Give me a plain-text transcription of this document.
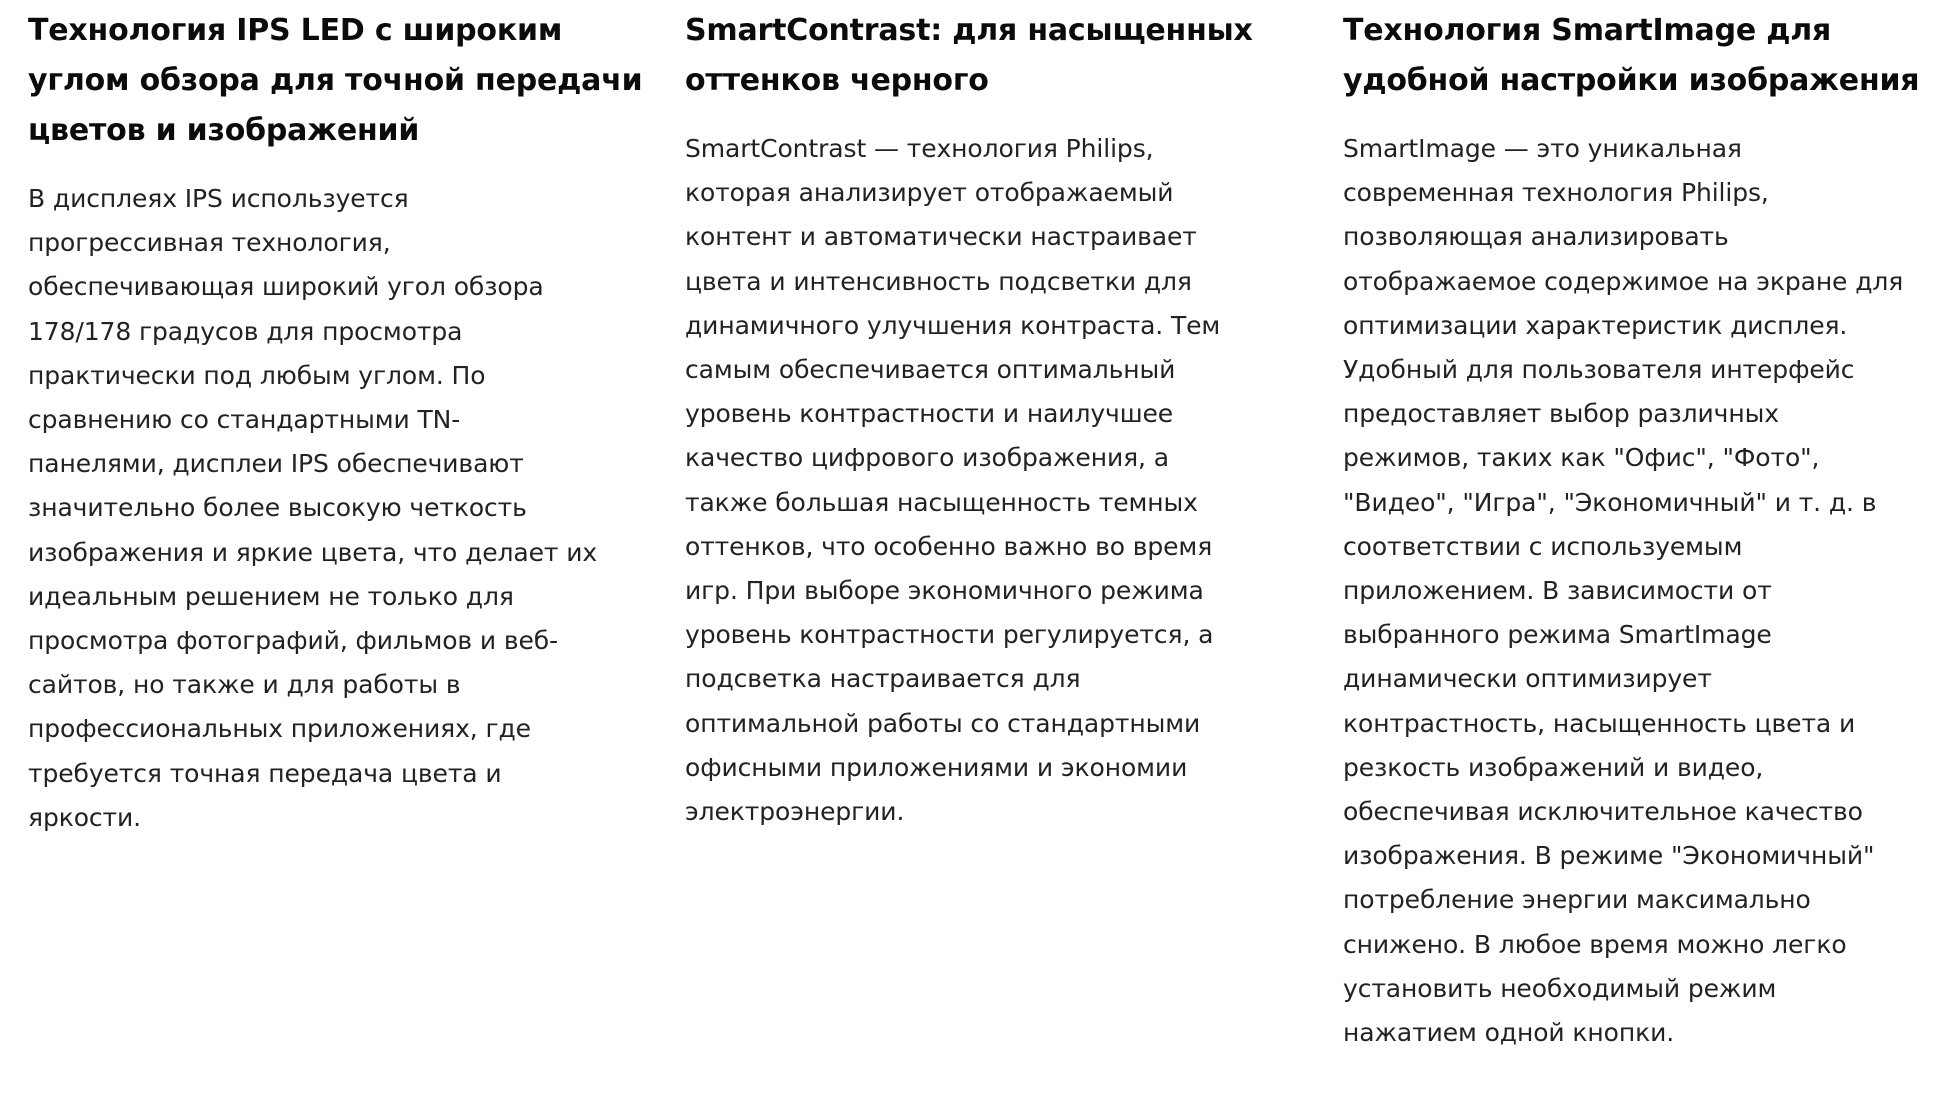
Технология IPS LED с широким
углом обзора для точной передачи
цветов и изображений

В дисплеях IPS используется
прогрессивная технология,
обеспечивающая широкий угол обзора
178/178 градусов для просмотра
практически под любым углом. По
сравнению со стандартными TN-
панелями, дисплеи IPS обеспечивают
значительно более высокую четкость
изображения и яркие цвета, что делает их
идеальным решением не только для
просмотра фотографий, фильмов и веб-
сайтов, но также и для работы в
профессиональных приложениях, где
требуется точная передача цвета и
яркости.

SmartContrast: для насыщенных
оттенков черного

SmartContrast — технология Philips,
которая анализирует отображаемый
контент и автоматически настраивает
цвета и интенсивность подсветки для
динамичного улучшения контраста. Тем
самым обеспечивается оптимальный
уровень контрастности и наилучшее
качество цифрового изображения, а
также большая насыщенность темных
оттенков, что особенно важно во время
игр. При выборе экономичного режима
уровень контрастности регулируется, а
подсветка настраивается для
оптимальной работы со стандартными
офисными приложениями и экономии
электроэнергии.

Технология SmartImage для
удобной настройки изображения

SmartImage — это уникальная
современная технология Philips,
позволяющая анализировать
отображаемое содержимое на экране для
оптимизации характеристик дисплея.
Удобный для пользователя интерфейс
предоставляет выбор различных
режимов, таких как "Офис", "Фото",
"Видео", "Игра", "Экономичный" и т. д. в
соответствии с используемым
приложением. В зависимости от
выбранного режима SmartImage
динамически оптимизирует
контрастность, насыщенность цвета и
резкость изображений и видео,
обеспечивая исключительное качество
изображения. В режиме "Экономичный"
потребление энергии максимально
снижено. В любое время можно легко
установить необходимый режим
нажатием одной кнопки.
